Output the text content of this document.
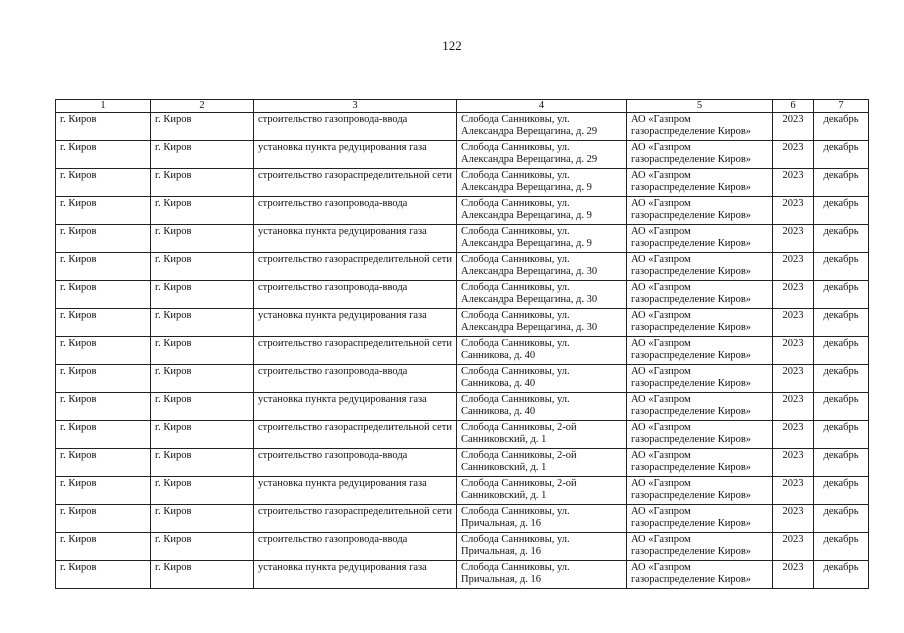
122
1	2	3	4	5	6	7
г. Киров	г. Киров	строительство газопровода-ввода	Слобода Санниковы, ул. Александра Верещагина, д. 29	АО «Газпром газораспределение Киров»	2023	декабрь
г. Киров	г. Киров	установка пункта редуцирования газа	Слобода Санниковы, ул. Александра Верещагина, д. 29	АО «Газпром газораспределение Киров»	2023	декабрь
г. Киров	г. Киров	строительство газораспределительной сети	Слобода Санниковы, ул. Александра Верещагина, д. 9	АО «Газпром газораспределение Киров»	2023	декабрь
г. Киров	г. Киров	строительство газопровода-ввода	Слобода Санниковы, ул. Александра Верещагина, д. 9	АО «Газпром газораспределение Киров»	2023	декабрь
г. Киров	г. Киров	установка пункта редуцирования газа	Слобода Санниковы, ул. Александра Верещагина, д. 9	АО «Газпром газораспределение Киров»	2023	декабрь
г. Киров	г. Киров	строительство газораспределительной сети	Слобода Санниковы, ул. Александра Верещагина, д. 30	АО «Газпром газораспределение Киров»	2023	декабрь
г. Киров	г. Киров	строительство газопровода-ввода	Слобода Санниковы, ул. Александра Верещагина, д. 30	АО «Газпром газораспределение Киров»	2023	декабрь
г. Киров	г. Киров	установка пункта редуцирования газа	Слобода Санниковы, ул. Александра Верещагина, д. 30	АО «Газпром газораспределение Киров»	2023	декабрь
г. Киров	г. Киров	строительство газораспределительной сети	Слобода Санниковы, ул. Санникова, д. 40	АО «Газпром газораспределение Киров»	2023	декабрь
г. Киров	г. Киров	строительство газопровода-ввода	Слобода Санниковы, ул. Санникова, д. 40	АО «Газпром газораспределение Киров»	2023	декабрь
г. Киров	г. Киров	установка пункта редуцирования газа	Слобода Санниковы, ул. Санникова, д. 40	АО «Газпром газораспределение Киров»	2023	декабрь
г. Киров	г. Киров	строительство газораспределительной сети	Слобода Санниковы, 2-ой Санниковский, д. 1	АО «Газпром газораспределение Киров»	2023	декабрь
г. Киров	г. Киров	строительство газопровода-ввода	Слобода Санниковы, 2-ой Санниковский, д. 1	АО «Газпром газораспределение Киров»	2023	декабрь
г. Киров	г. Киров	установка пункта редуцирования газа	Слобода Санниковы, 2-ой Санниковский, д. 1	АО «Газпром газораспределение Киров»	2023	декабрь
г. Киров	г. Киров	строительство газораспределительной сети	Слобода Санниковы, ул. Причальная, д. 16	АО «Газпром газораспределение Киров»	2023	декабрь
г. Киров	г. Киров	строительство газопровода-ввода	Слобода Санниковы, ул. Причальная, д. 16	АО «Газпром газораспределение Киров»	2023	декабрь
г. Киров	г. Киров	установка пункта редуцирования газа	Слобода Санниковы, ул. Причальная, д. 16	АО «Газпром газораспределение Киров»	2023	декабрь
